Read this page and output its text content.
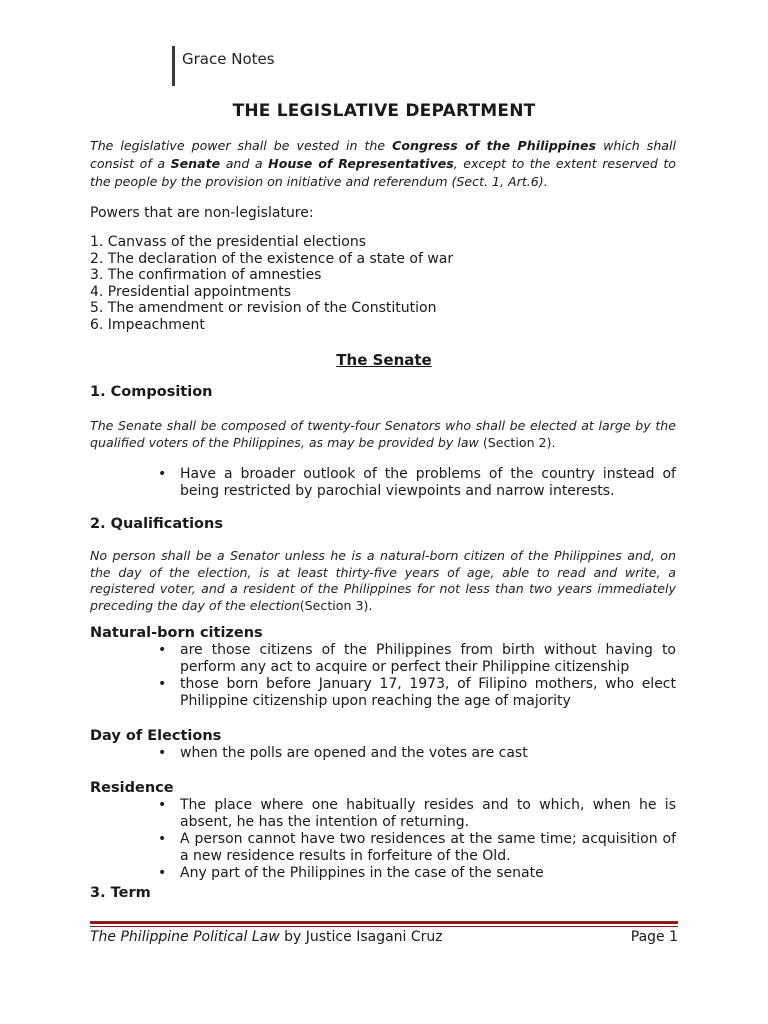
Grace Notes
THE LEGISLATIVE DEPARTMENT
The legislative power shall be vested in the Congress of the Philippines which shall consist of a Senate and a House of Representatives, except to the extent reserved to the people by the provision on initiative and referendum (Sect. 1, Art.6).
Powers that are non-legislature:
1. Canvass of the presidential elections
2. The declaration of the existence of a state of war
3. The confirmation of amnesties
4. Presidential appointments
5. The amendment or revision of the Constitution
6. Impeachment
The Senate
1. Composition
The Senate shall be composed of twenty-four Senators who shall be elected at large by the qualified voters of the Philippines, as may be provided by law (Section 2).
• Have a broader outlook of the problems of the country instead of being restricted by parochial viewpoints and narrow interests.
2. Qualifications
No person shall be a Senator unless he is a natural-born citizen of the Philippines and, on the day of the election, is at least thirty-five years of age, able to read and write, a registered voter, and a resident of the Philippines for not less than two years immediately preceding the day of the election(Section 3).
Natural-born citizens
• are those citizens of the Philippines from birth without having to perform any act to acquire or perfect their Philippine citizenship
• those born before January 17, 1973, of Filipino mothers, who elect Philippine citizenship upon reaching the age of majority
Day of Elections
• when the polls are opened and the votes are cast
Residence
• The place where one habitually resides and to which, when he is absent, he has the intention of returning.
• A person cannot have two residences at the same time; acquisition of a new residence results in forfeiture of the Old.
• Any part of the Philippines in the case of the senate
3. Term
The Philippine Political Law by Justice Isagani Cruz	Page 1
